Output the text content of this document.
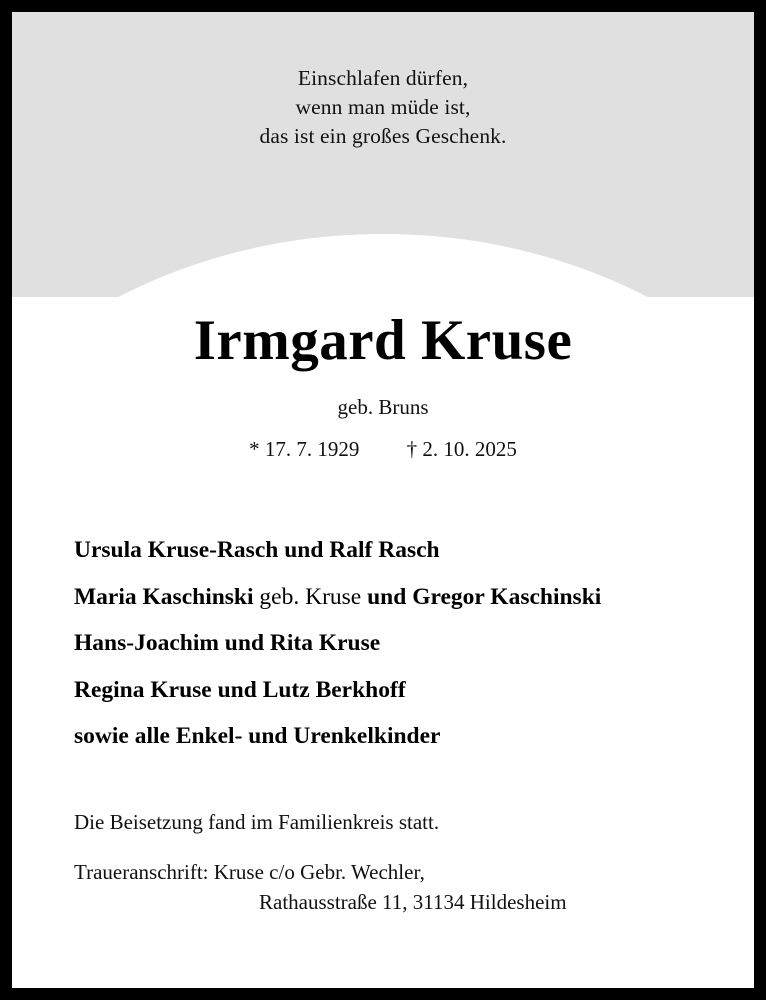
Einschlafen dürfen,
wenn man müde ist,
das ist ein großes Geschenk.
Irmgard Kruse
geb. Bruns
* 17. 7. 1929 † 2. 10. 2025
Ursula Kruse-Rasch und Ralf Rasch
Maria Kaschinski geb. Kruse und Gregor Kaschinski
Hans-Joachim und Rita Kruse
Regina Kruse und Lutz Berkhoff
sowie alle Enkel- und Urenkelkinder
Die Beisetzung fand im Familienkreis statt.
Traueranschrift: Kruse c/o Gebr. Wechler,
Rathausstraße 11, 31134 Hildesheim
